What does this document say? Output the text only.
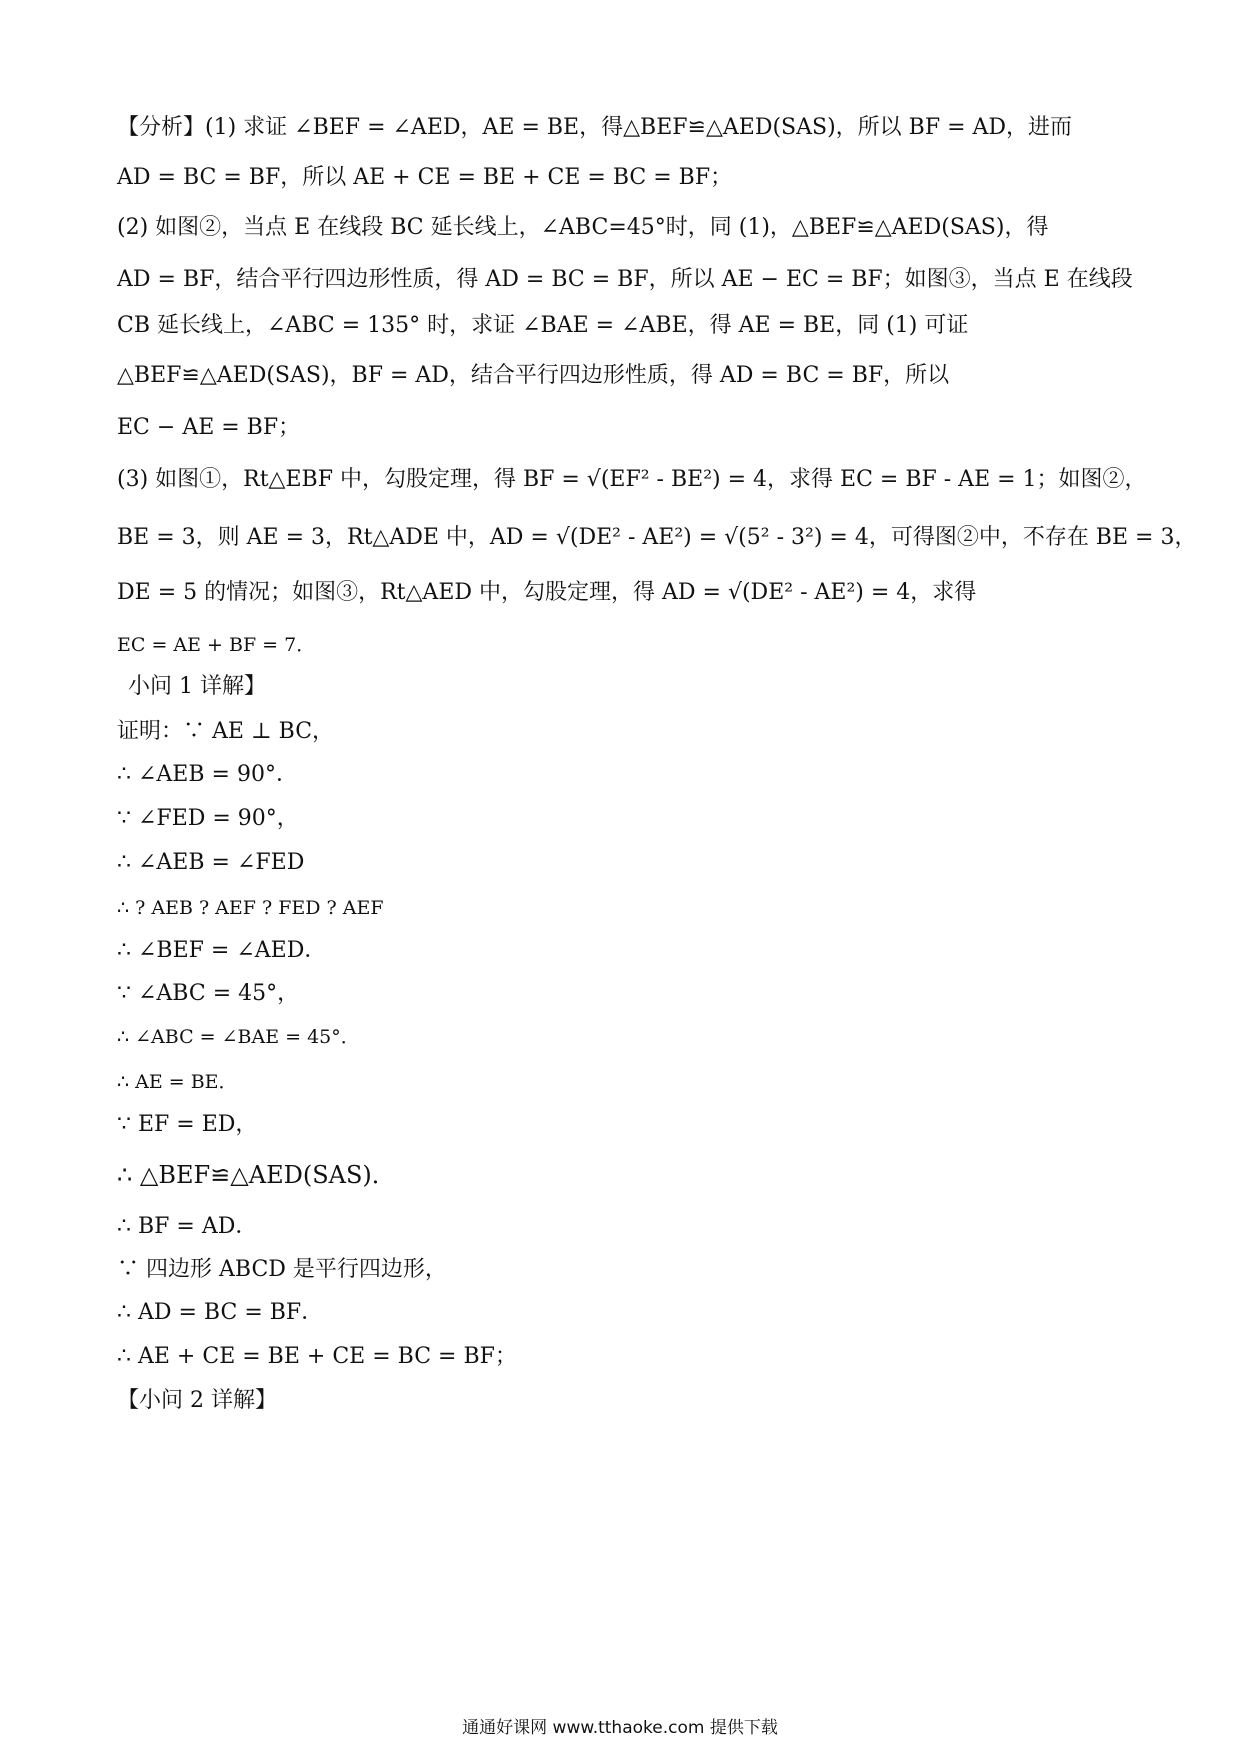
【分析】(1) 求证 ∠BEF = ∠AED，AE = BE，得△BEF≌△AED(SAS)，所以 BF = AD，进而
AD = BC = BF，所以 AE + CE = BE + CE = BC = BF；
(2) 如图②，当点 E 在线段 BC 延长线上，∠ABC=45°时，同 (1)，△BEF≌△AED(SAS)，得
AD = BF，结合平行四边形性质，得 AD = BC = BF，所以 AE − EC = BF；如图③，当点 E 在线段
CB 延长线上，∠ABC = 135° 时，求证 ∠BAE = ∠ABE，得 AE = BE，同 (1) 可证
△BEF≌△AED(SAS)，BF = AD，结合平行四边形性质，得 AD = BC = BF，所以
EC − AE = BF；
(3) 如图①，Rt△EBF 中，勾股定理，得 BF = √(EF² - BE²) = 4，求得 EC = BF - AE = 1；如图②，
BE = 3，则 AE = 3，Rt△ADE 中，AD = √(DE² - AE²) = √(5² - 3²) = 4，可得图②中，不存在 BE = 3，
DE = 5 的情况；如图③，Rt△AED 中，勾股定理，得 AD = √(DE² - AE²) = 4，求得
EC = AE + BF = 7．
小问 1 详解】
证明：∵ AE ⊥ BC，
∴ ∠AEB = 90°．
∵ ∠FED = 90°，
∴ ∠AEB = ∠FED
∴ ? AEB ? AEF ? FED ? AEF
∴ ∠BEF = ∠AED．
∵ ∠ABC = 45°，
∴ ∠ABC = ∠BAE = 45°．
∴ AE = BE．
∵ EF = ED，
∴ △BEF≌△AED(SAS)．
∴ BF = AD．
∵ 四边形 ABCD 是平行四边形，
∴ AD = BC = BF．
∴ AE + CE = BE + CE = BC = BF；
【小问 2 详解】
通通好课网 www.tthaoke.com 提供下载
